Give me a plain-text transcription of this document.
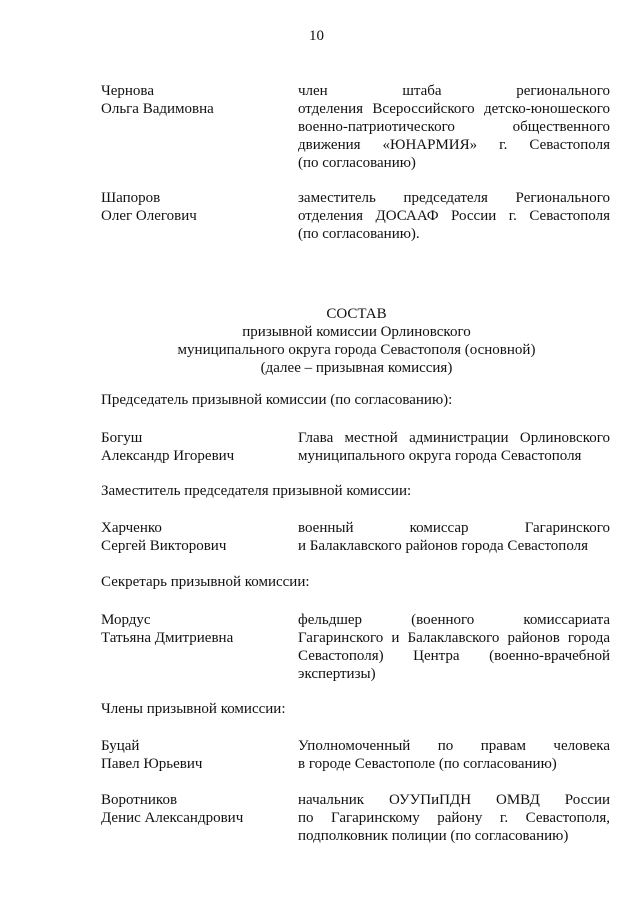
10
Чернова
Ольга Вадимовна
член штаба регионального
отделения Всероссийского детско-юношеского
военно-патриотического общественного
движения «ЮНАРМИЯ» г. Севастополя
(по согласованию)
Шапоров
Олег Олегович
заместитель председателя Регионального
отделения ДОСААФ России г. Севастополя
(по согласованию).
СОСТАВ
призывной комиссии Орлиновского
муниципального округа города Севастополя (основной)
(далее – призывная комиссия)
Председатель призывной комиссии (по согласованию):
Богуш
Александр Игоревич
Глава местной администрации Орлиновского
муниципального округа города Севастополя
Заместитель председателя призывной комиссии:
Харченко
Сергей Викторович
военный комиссар Гагаринского
и Балаклавского районов города Севастополя
Секретарь призывной комиссии:
Мордус
Татьяна Дмитриевна
фельдшер (военного комиссариата
Гагаринского и Балаклавского районов города
Севастополя) Центра (военно-врачебной
экспертизы)
Члены призывной комиссии:
Буцай
Павел Юрьевич
Уполномоченный по правам человека
в городе Севастополе (по согласованию)
Воротников
Денис Александрович
начальник ОУУПиПДН ОМВД России
по Гагаринскому району г. Севастополя,
подполковник полиции (по согласованию)
